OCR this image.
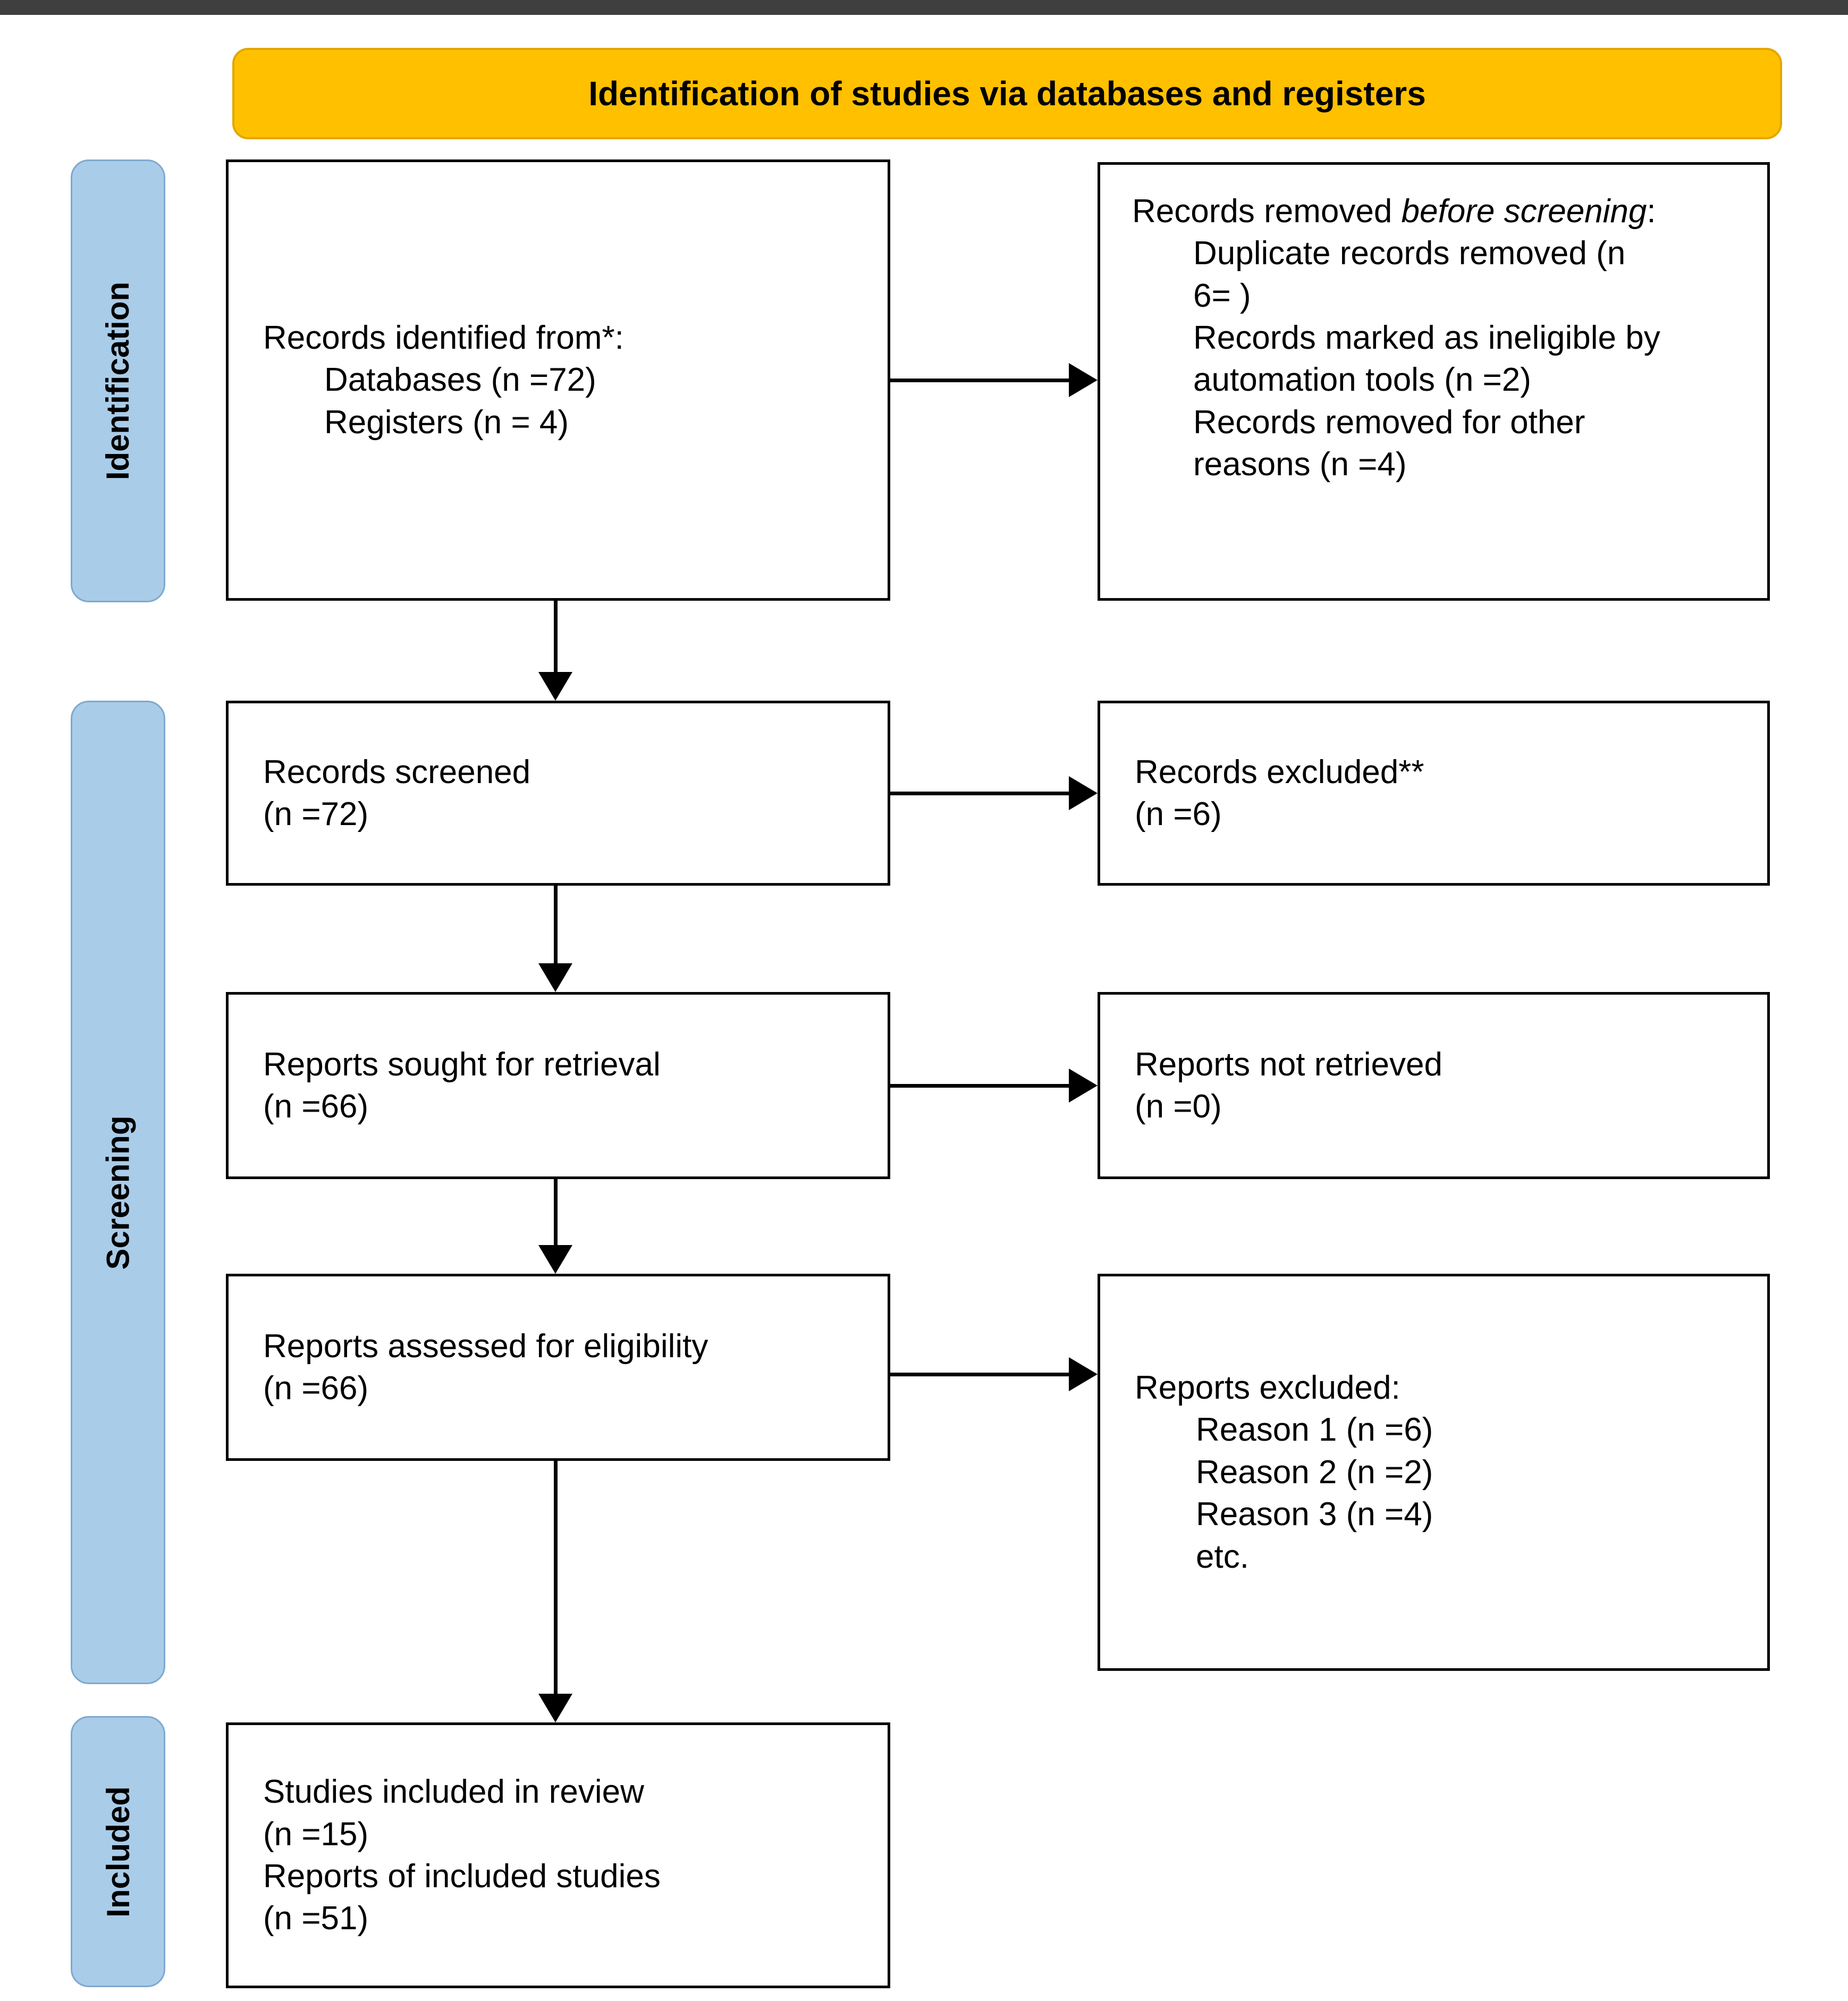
Identification of studies via databases and registers
Identification
Screening
Included
Records identified from*:
Databases (n =72)
Registers (n = 4)
Records removed before screening:
Duplicate records removed (n 6= )
Records marked as ineligible by automation tools (n =2)
Records removed for other reasons (n =4)
Records screened
(n =72)
Records excluded**
(n =6)
Reports sought for retrieval
(n =66)
Reports not retrieved
(n =0)
Reports assessed for eligibility
(n =66)	Reports excluded:
Reason 1 (n =6)
Reason 2 (n =2)
Reason 3 (n =4)
etc.
Studies included in review
(n =15)
Reports of included studies
(n =51)
